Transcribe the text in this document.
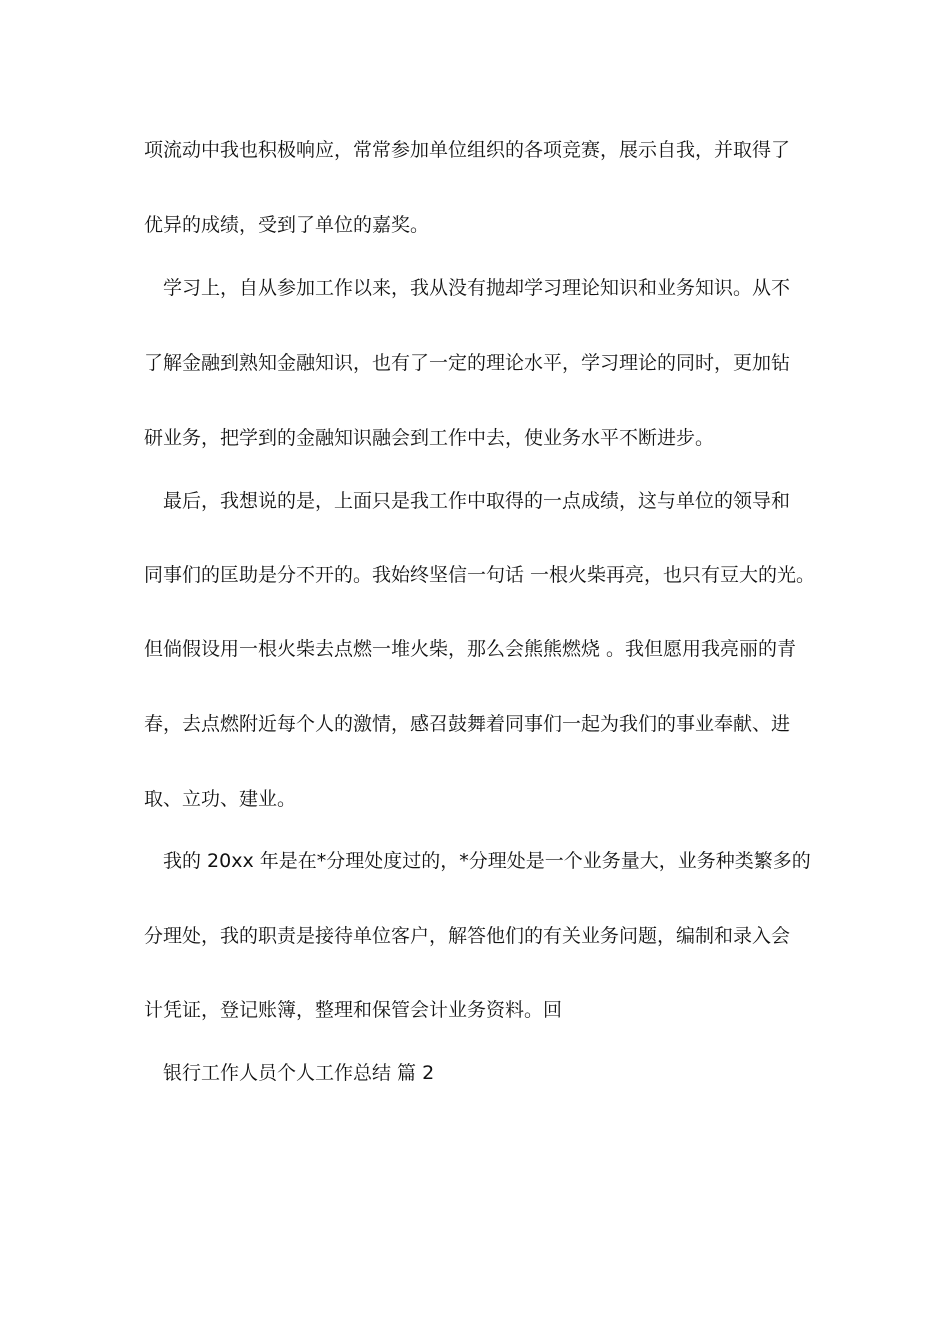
项流动中我也积极响应，常常参加单位组织的各项竞赛，展示自我，并取得了
优异的成绩，受到了单位的嘉奖。
学习上，自从参加工作以来，我从没有抛却学习理论知识和业务知识。从不
了解金融到熟知金融知识，也有了一定的理论水平，学习理论的同时，更加钻
研业务，把学到的金融知识融会到工作中去，使业务水平不断进步。
最后，我想说的是，上面只是我工作中取得的一点成绩，这与单位的领导和
同事们的匡助是分不开的。我始终坚信一句话 一根火柴再亮，也只有豆大的光。
但倘假设用一根火柴去点燃一堆火柴，那么会熊熊燃烧 。我但愿用我亮丽的青
春，去点燃附近每个人的激情，感召鼓舞着同事们一起为我们的事业奉献、进
取、立功、建业。
我的 20xx 年是在*分理处度过的，*分理处是一个业务量大，业务种类繁多的
分理处，我的职责是接待单位客户，解答他们的有关业务问题，编制和录入会
计凭证，登记账簿，整理和保管会计业务资料。回
银行工作人员个人工作总结 篇 2
